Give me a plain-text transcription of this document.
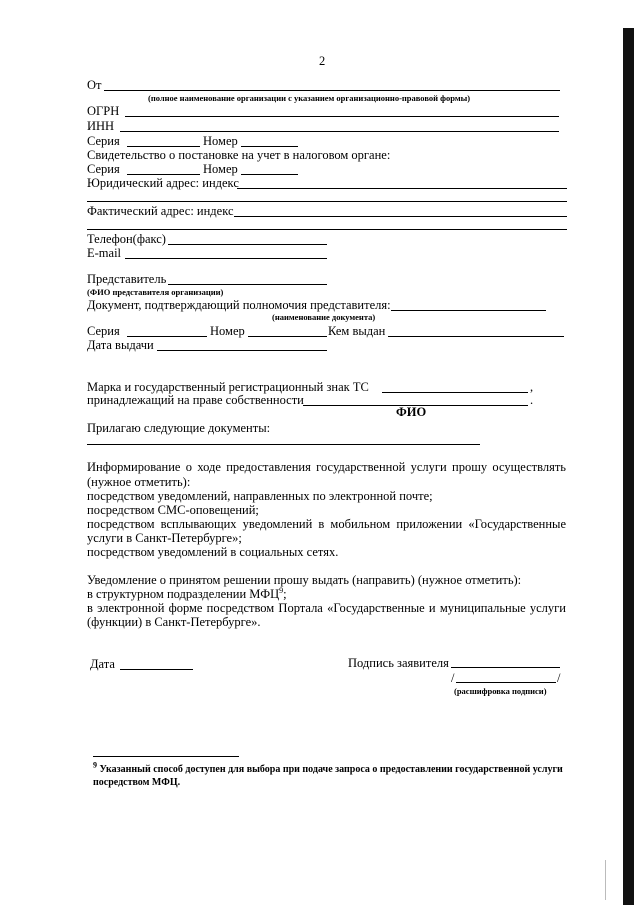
2
От
(полное наименование организации с указанием организационно-правовой формы)
ОГРН
ИНН
Серия	Номер
Свидетельство о постановке на учет в налоговом органе:
Серия	Номер
Юридический адрес: индекс
Фактический адрес: индекс
Телефон(факс)
E-mail
Представитель
(ФИО представителя организации)
Документ, подтверждающий полномочия представителя:
(наименование документа)
Серия	Номер	Кем выдан
Дата выдачи
Марка и государственный регистрационный знак ТС	,
принадлежащий на праве собственности	.
ФИО
Прилагаю следующие документы:
Информирование о ходе предоставления государственной услуги прошу осуществлять
(нужное отметить):
посредством уведомлений, направленных по электронной почте;
посредством СМС-оповещений;
посредством всплывающих уведомлений в мобильном приложении «Государственные
услуги в Санкт-Петербурге»;
посредством уведомлений в социальных сетях.
Уведомление о принятом решении прошу выдать (направить) (нужное отметить):
в структурном подразделении МФЦ$^9$;
в электронной форме посредством Портала «Государственные и муниципальные услуги
(функции) в Санкт-Петербурге».
Дата	Подпись заявителя
/	/
(расшифровка подписи)
$^9$ Указанный способ доступен для выбора при подаче запроса о предоставлении государственной услуги
посредством МФЦ.
